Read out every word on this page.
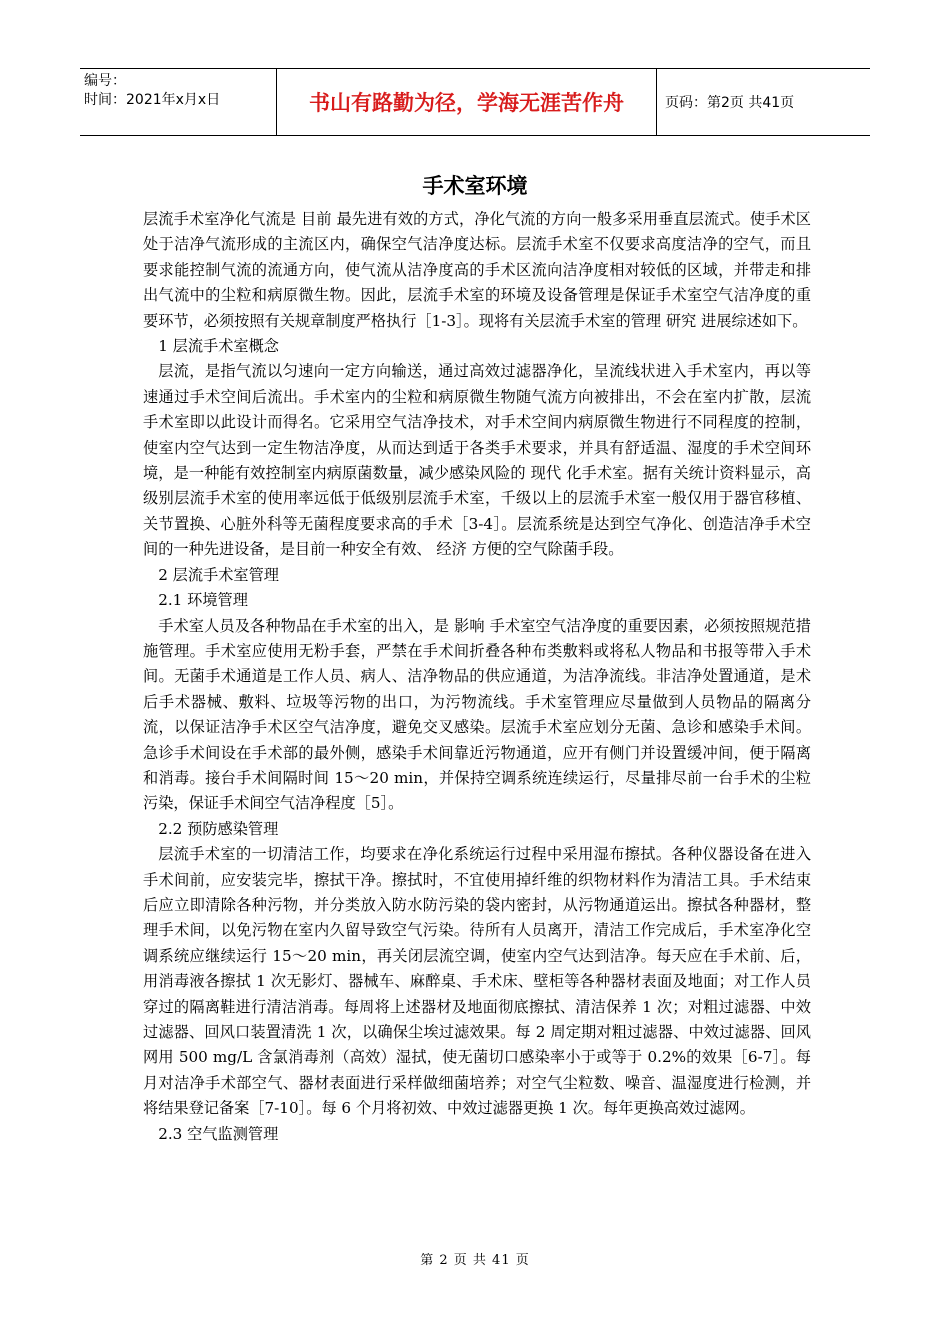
编号：
时间：2021年x月x日	书山有路勤为径，学海无涯苦作舟	页码：第2页 共41页
手术室环境

层流手术室净化气流是 目前 最先进有效的方式，净化气流的方向一般多采用垂直层流式。使手术区处于洁净气流形成的主流区内，确保空气洁净度达标。层流手术室不仅要求高度洁净的空气，而且要求能控制气流的流通方向，使气流从洁净度高的手术区流向洁净度相对较低的区域，并带走和排出气流中的尘粒和病原微生物。因此，层流手术室的环境及设备管理是保证手术室空气洁净度的重要环节，必须按照有关规章制度严格执行［1-3］。现将有关层流手术室的管理 研究 进展综述如下。

1 层流手术室概念

层流，是指气流以匀速向一定方向输送，通过高效过滤器净化，呈流线状进入手术室内，再以等速通过手术空间后流出。手术室内的尘粒和病原微生物随气流方向被排出，不会在室内扩散，层流手术室即以此设计而得名。它采用空气洁净技术，对手术空间内病原微生物进行不同程度的控制，使室内空气达到一定生物洁净度，从而达到适于各类手术要求，并具有舒适温、湿度的手术空间环境，是一种能有效控制室内病原菌数量，减少感染风险的 现代 化手术室。据有关统计资料显示，高级别层流手术室的使用率远低于低级别层流手术室，千级以上的层流手术室一般仅用于器官移植、关节置换、心脏外科等无菌程度要求高的手术［3-4］。层流系统是达到空气净化、创造洁净手术空间的一种先进设备，是目前一种安全有效、 经济 方便的空气除菌手段。

2 层流手术室管理

2.1 环境管理

手术室人员及各种物品在手术室的出入，是 影响 手术室空气洁净度的重要因素，必须按照规范措施管理。手术室应使用无粉手套，严禁在手术间折叠各种布类敷料或将私人物品和书报等带入手术间。无菌手术通道是工作人员、病人、洁净物品的供应通道，为洁净流线。非洁净处置通道，是术后手术器械、敷料、垃圾等污物的出口，为污物流线。手术室管理应尽量做到人员物品的隔离分流，以保证洁净手术区空气洁净度，避免交叉感染。层流手术室应划分无菌、急诊和感染手术间。急诊手术间设在手术部的最外侧，感染手术间靠近污物通道，应开有侧门并设置缓冲间，便于隔离和消毒。接台手术间隔时间 15～20 min，并保持空调系统连续运行，尽量排尽前一台手术的尘粒污染，保证手术间空气洁净程度［5］。

2.2 预防感染管理

层流手术室的一切清洁工作，均要求在净化系统运行过程中采用湿布擦拭。各种仪器设备在进入手术间前，应安装完毕，擦拭干净。擦拭时，不宜使用掉纤维的织物材料作为清洁工具。手术结束后应立即清除各种污物，并分类放入防水防污染的袋内密封，从污物通道运出。擦拭各种器材，整理手术间，以免污物在室内久留导致空气污染。待所有人员离开，清洁工作完成后，手术室净化空调系统应继续运行 15～20 min，再关闭层流空调，使室内空气达到洁净。每天应在手术前、后，用消毒液各擦拭 1 次无影灯、器械车、麻醉桌、手术床、壁柜等各种器材表面及地面；对工作人员穿过的隔离鞋进行清洁消毒。每周将上述器材及地面彻底擦拭、清洁保养 1 次；对粗过滤器、中效过滤器、回风口装置清洗 1 次，以确保尘埃过滤效果。每 2 周定期对粗过滤器、中效过滤器、回风网用 500 mg/L 含氯消毒剂（高效）湿拭，使无菌切口感染率小于或等于 0.2%的效果［6-7］。每月对洁净手术部空气、器材表面进行采样做细菌培养；对空气尘粒数、噪音、温湿度进行检测，并将结果登记备案［7-10］。每 6 个月将初效、中效过滤器更换 1 次。每年更换高效过滤网。

2.3 空气监测管理

第 2 页 共 41 页
